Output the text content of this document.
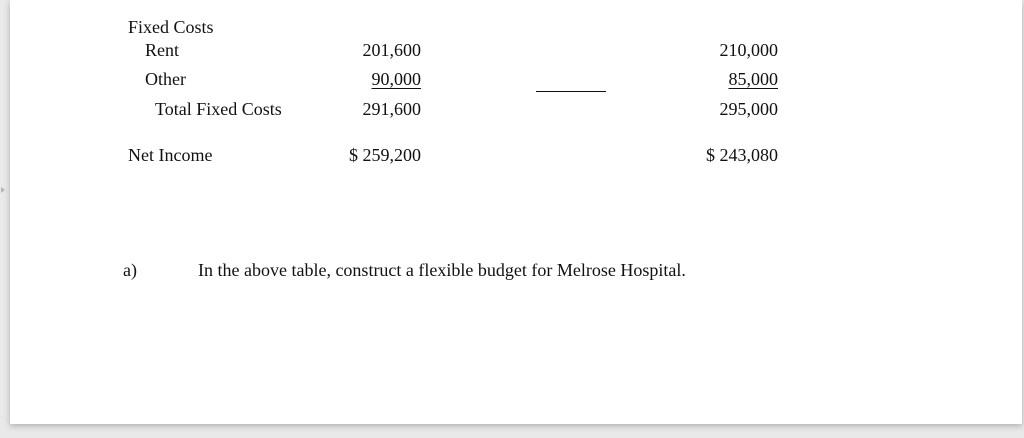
Fixed Costs
Rent	201,600	210,000
Other	90,000	85,000
Total Fixed Costs	291,600	295,000
Net Income	$ 259,200	$ 243,080
a)	In the above table, construct a flexible budget for Melrose Hospital.
